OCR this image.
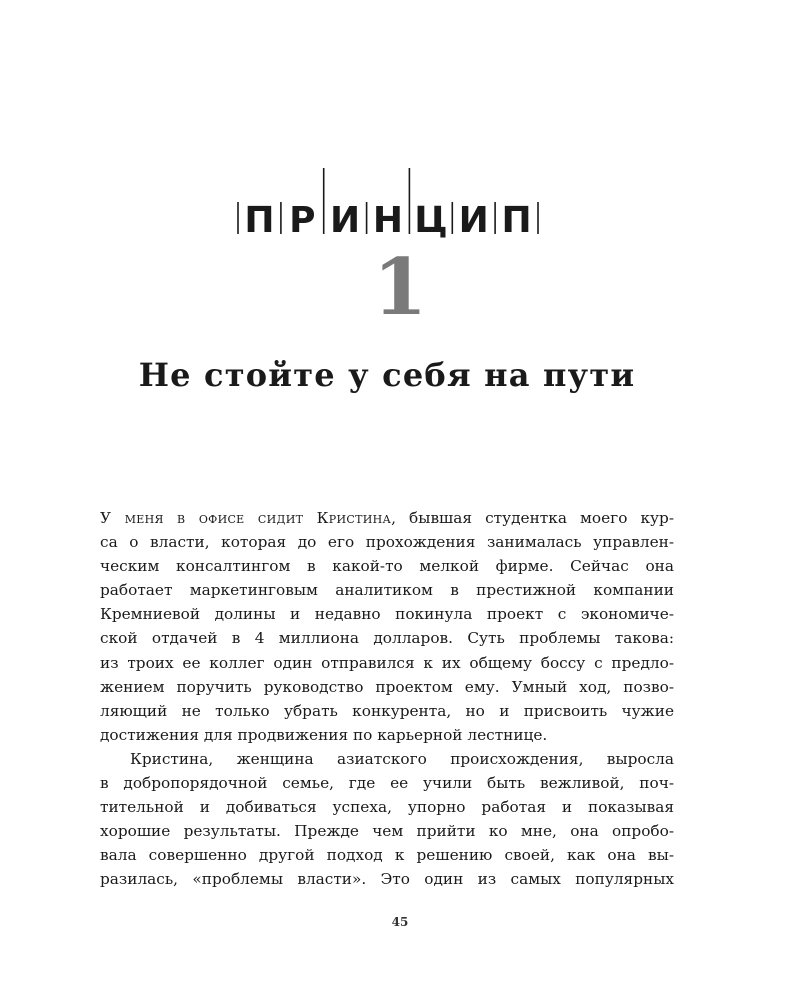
П Р И Н Ц И П
1
Не стойте у себя на пути
У меня в офисе сидит Кристина, бывшая студентка моего кур-
са о власти, которая до его прохождения занималась управлен-
ческим консалтингом в какой-то мелкой фирме. Сейчас она
работает маркетинговым аналитиком в престижной компании
Кремниевой долины и недавно покинула проект с экономиче-
ской отдачей в 4 миллиона долларов. Суть проблемы такова:
из троих ее коллег один отправился к их общему боссу с предло-
жением поручить руководство проектом ему. Умный ход, позво-
ляющий не только убрать конкурента, но и присвоить чужие
достижения для продвижения по карьерной лестнице.
Кристина, женщина азиатского происхождения, выросла
в добропорядочной семье, где ее учили быть вежливой, поч-
тительной и добиваться успеха, упорно работая и показывая
хорошие результаты. Прежде чем прийти ко мне, она опробо-
вала совершенно другой подход к решению своей, как она вы-
разилась, «проблемы власти». Это один из самых популярных
45
